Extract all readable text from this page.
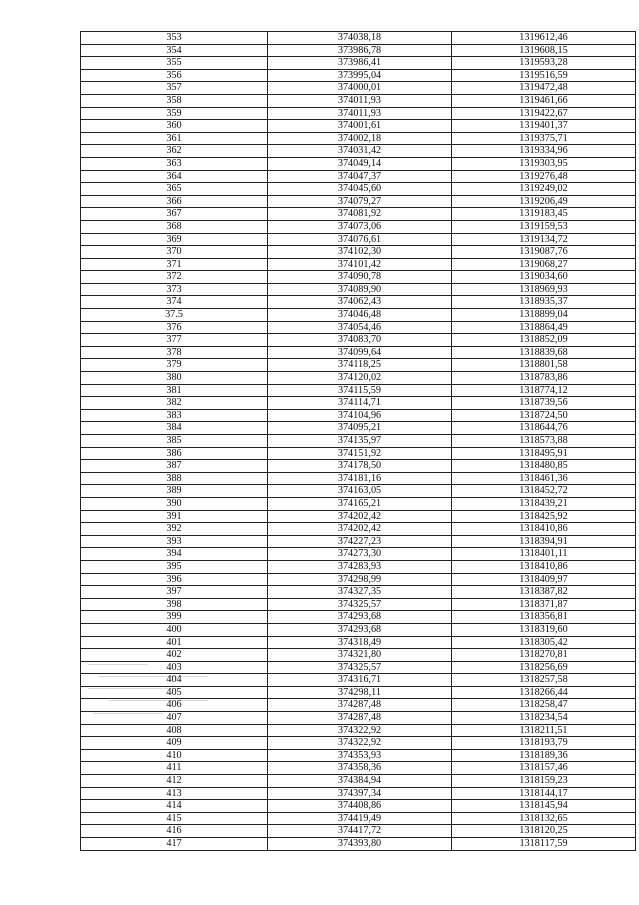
353	374038,18	1319612,46
354	373986,78	1319608,15
355	373986,41	1319593,28
356	373995,04	1319516,59
357	374000,01	1319472,48
358	374011,93	1319461,66
359	374011,93	1319422,67
360	374001,61	1319401,37
361	374002,18	1319375,71
362	374031,42	1319334,96
363	374049,14	1319303,95
364	374047,37	1319276,48
365	374045,60	1319249,02
366	374079,27	1319206,49
367	374081,92	1319183,45
368	374073,06	1319159,53
369	374076,61	1319134,72
370	374102,30	1319087,76
371	374101,42	1319068,27
372	374090,78	1319034,60
373	374089,90	1318969,93
374	374062,43	1318935,37
37.5	374046,48	1318899,04
376	374054,46	1318864,49
377	374083,70	1318852,09
378	374099,64	1318839,68
379	374118,25	1318801,58
380	374120,02	1318783,86
381	374115,59	1318774,12
382	374114,71	1318739,56
383	374104,96	1318724,50
384	374095,21	1318644,76
385	374135,97	1318573,88
386	374151,92	1318495,91
387	374178,50	1318480,85
388	374181,16	1318461,36
389	374163,05	1318452,72
390	374165,21	1318439,21
391	374202,42	1318425,92
392	374202,42	1318410,86
393	374227,23	1318394,91
394	374273,30	1318401,11
395	374283,93	1318410,86
396	374298,99	1318409,97
397	374327,35	1318387,82
398	374325,57	1318371,87
399	374293,68	1318356,81
400	374293,68	1318319,60
401	374318,49	1318305,42
402	374321,80	1318270,81
403	374325,57	1318256,69
404	374316,71	1318257,58
405	374298,11	1318266,44
406	374287,48	1318258,47
407	374287,48	1318234,54
408	374322,92	1318211,51
409	374322,92	1318193,79
410	374353,93	1318189,36
411	374358,36	1318157,46
412	374384,94	1318159,23
413	374397,34	1318144,17
414	374408,86	1318145,94
415	374419,49	1318132,65
416	374417,72	1318120,25
417	374393,80	1318117,59
